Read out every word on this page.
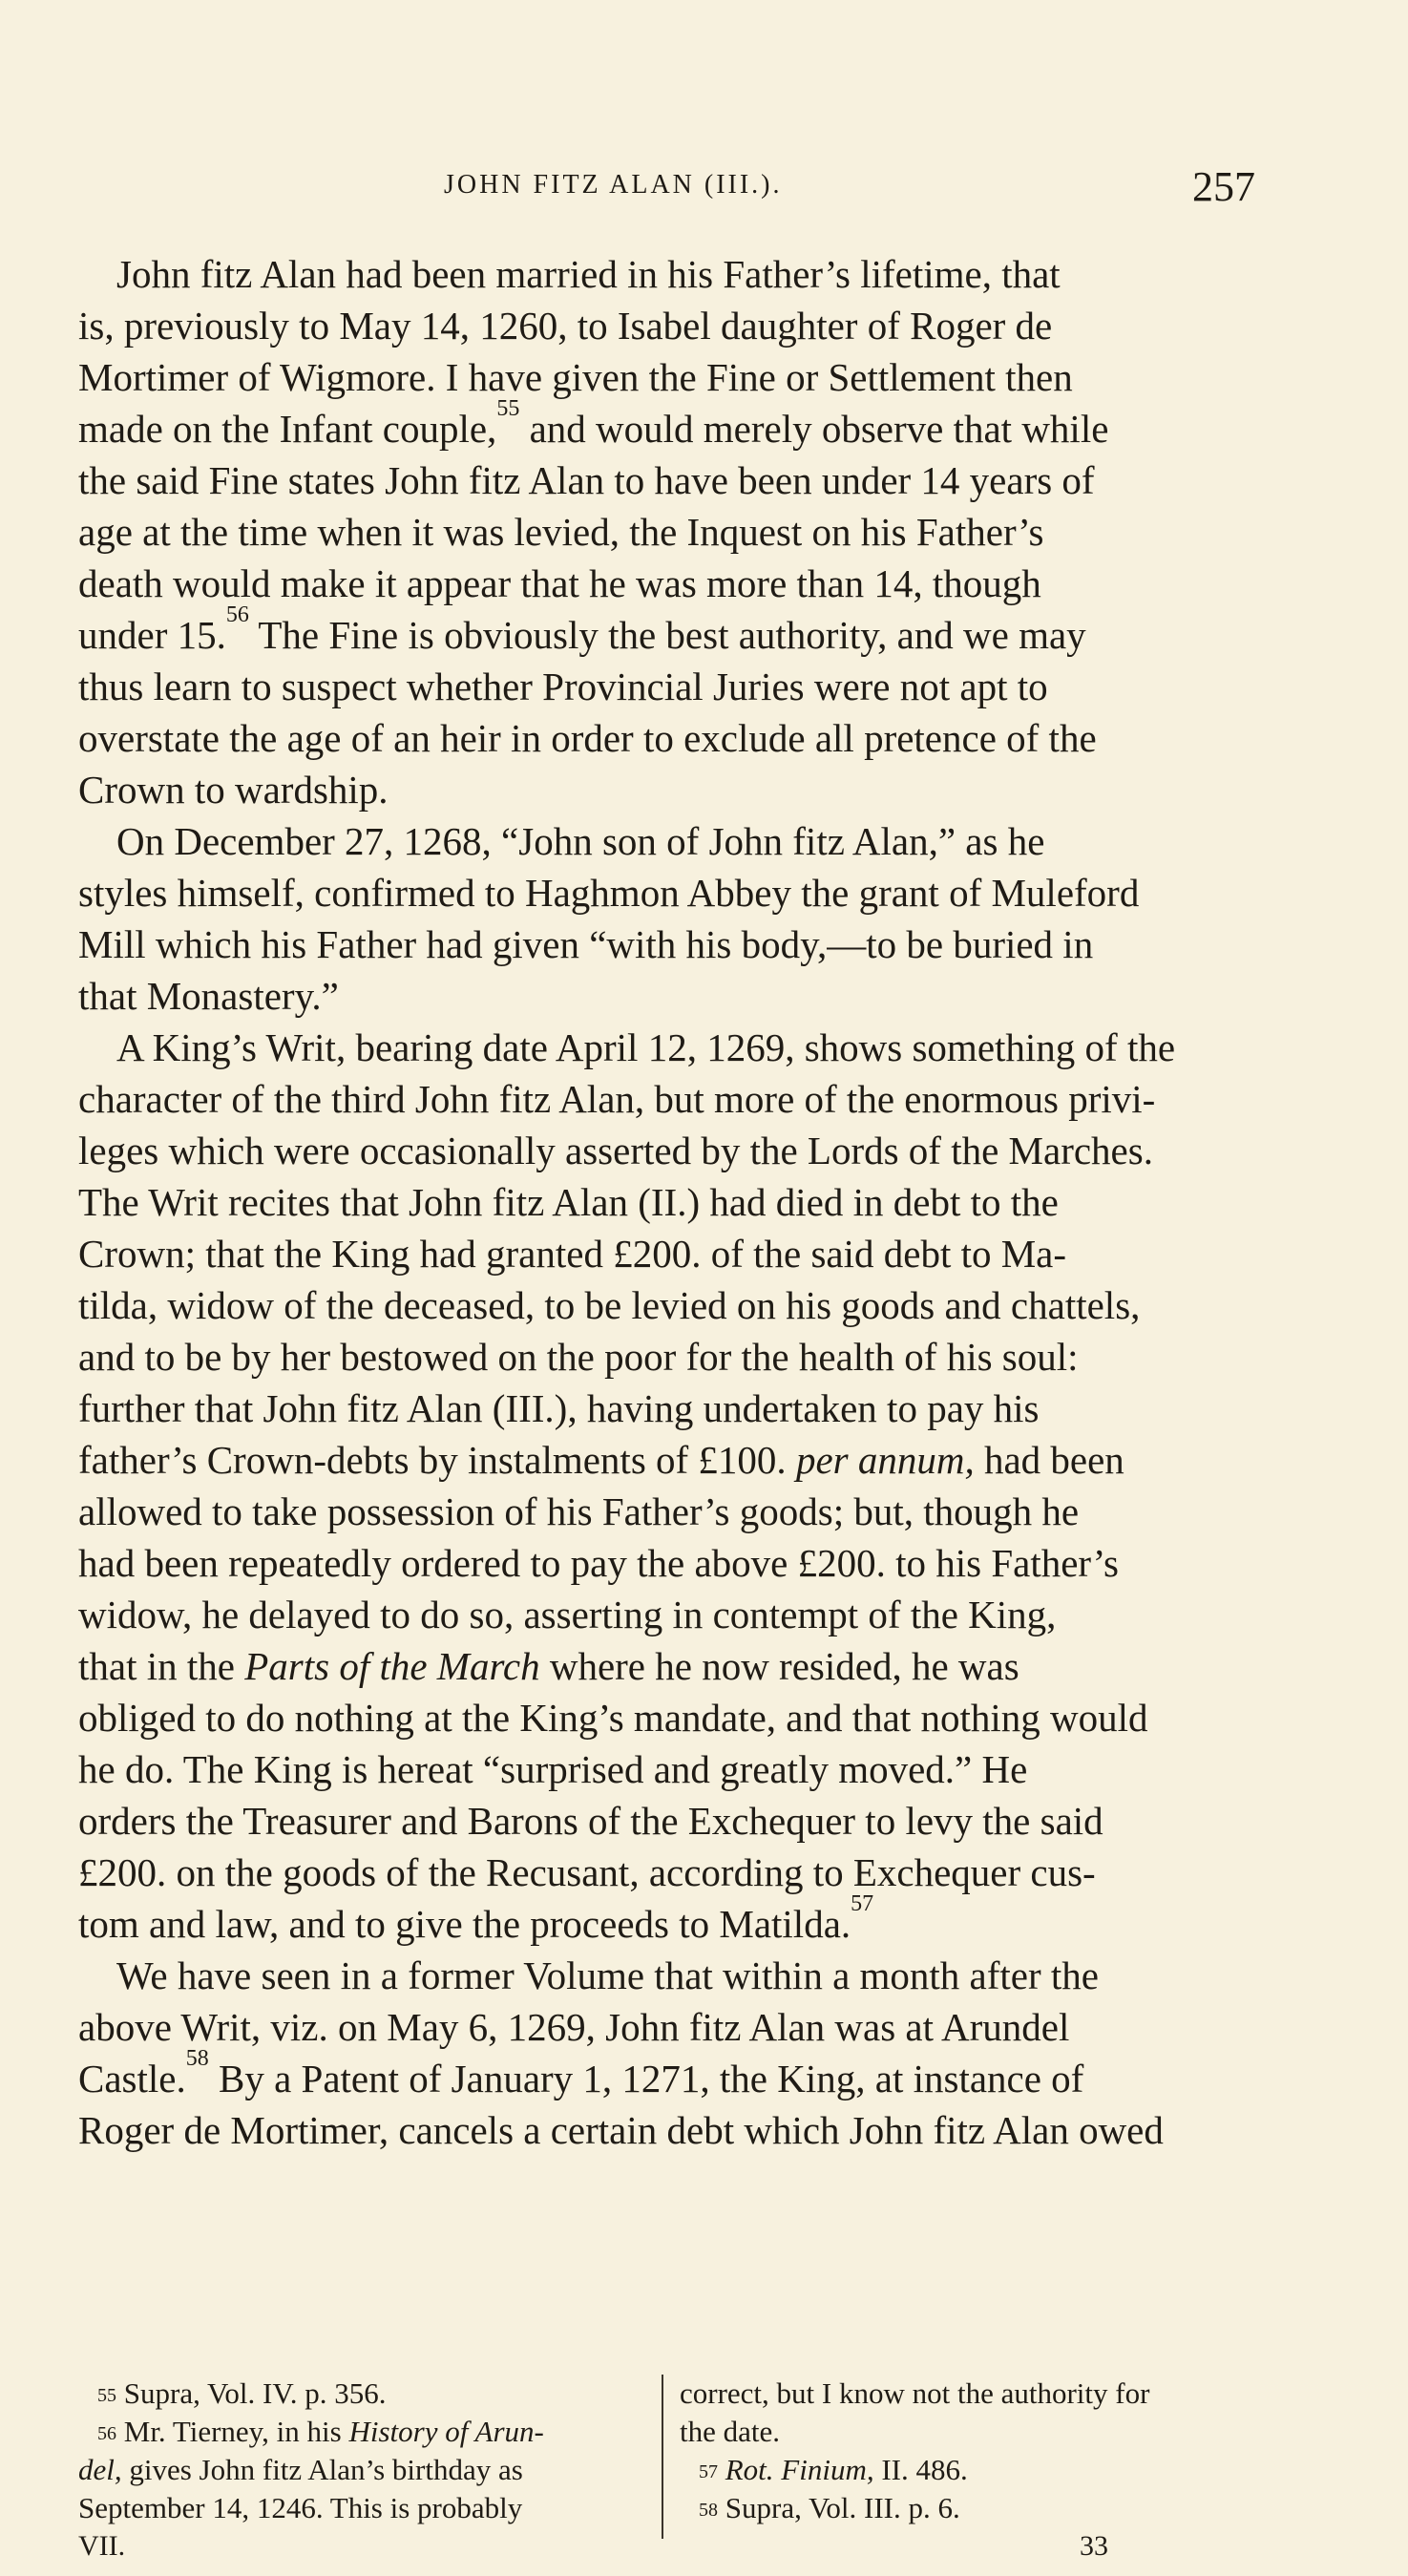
JOHN FITZ ALAN (III.).	257
John fitz Alan had been married in his Father’s lifetime, that
is, previously to May 14, 1260, to Isabel daughter of Roger de
Mortimer of Wigmore. I have given the Fine or Settlement then
made on the Infant couple,$^{55}$ and would merely observe that while
the said Fine states John fitz Alan to have been under 14 years of
age at the time when it was levied, the Inquest on his Father’s
death would make it appear that he was more than 14, though
under 15.56 The Fine is obviously the best authority, and we may
thus learn to suspect whether Provincial Juries were not apt to
overstate the age of an heir in order to exclude all pretence of the
Crown to wardship.
On December 27, 1268, “John son of John fitz Alan,” as he
styles himself, confirmed to Haghmon Abbey the grant of Muleford
Mill which his Father had given “with his body,—to be buried in
that Monastery.”
A King’s Writ, bearing date April 12, 1269, shows something of the
character of the third John fitz Alan, but more of the enormous privi-
leges which were occasionally asserted by the Lords of the Marches.
The Writ recites that John fitz Alan (II.) had died in debt to the
Crown; that the King had granted £200. of the said debt to Ma-
tilda, widow of the deceased, to be levied on his goods and chattels,
and to be by her bestowed on the poor for the health of his soul:
further that John fitz Alan (III.), having undertaken to pay his
father’s Crown-debts by instalments of £100. per annum, had been
allowed to take possession of his Father’s goods; but, though he
had been repeatedly ordered to pay the above £200. to his Father’s
widow, he delayed to do so, asserting in contempt of the King,
that in the Parts of the March where he now resided, he was
obliged to do nothing at the King’s mandate, and that nothing would
he do. The King is hereat “surprised and greatly moved.” He
orders the Treasurer and Barons of the Exchequer to levy the said
£200. on the goods of the Recusant, according to Exchequer cus-
tom and law, and to give the proceeds to Matilda.$^{57}$
We have seen in a former Volume that within a month after the
above Writ, viz. on May 6, 1269, John fitz Alan was at Arundel
Castle.$^{58}$ By a Patent of January 1, 1271, the King, at instance of
Roger de Mortimer, cancels a certain debt which John fitz Alan owed
$^{55}$ Supra, Vol. IV. p. 356.
$^{56}$ Mr. Tierney, in his History of Arun-
del, gives John fitz Alan’s birthday as
September 14, 1246. This is probably
correct, but I know not the authority for
the date.
$^{57}$ Rot. Finium, II. 486.
$^{58}$ Supra, Vol. III. p. 6.
VII.	33
